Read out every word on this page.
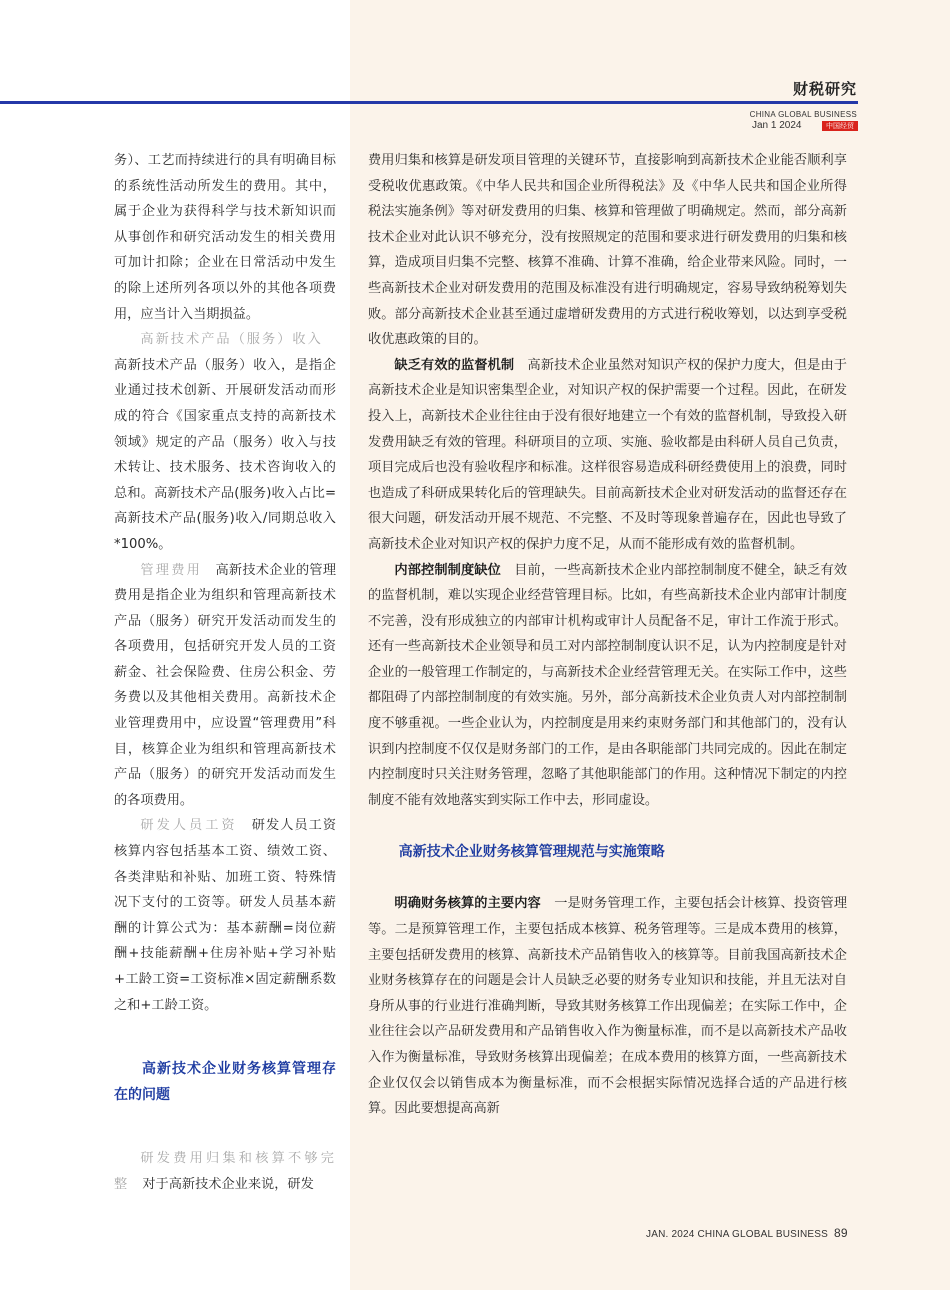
财税研究
CHINA GLOBAL BUSINESS
Jan 1 2024	中国经贸

务）、工艺而持续进行的具有明确目标的系统性活动所发生的费用。其中，属于企业为获得科学与技术新知识而从事创作和研究活动发生的相关费用可加计扣除；企业在日常活动中发生的除上述所列各项以外的其他各项费用，应当计入当期损益。

高新技术产品（服务）收入 高新技术产品（服务）收入，是指企业通过技术创新、开展研发活动而形成的符合《国家重点支持的高新技术领域》规定的产品（服务）收入与技术转让、技术服务、技术咨询收入的总和。高新技术产品(服务)收入占比=高新技术产品(服务)收入/同期总收入*100%。

管理费用  高新技术企业的管理费用是指企业为组织和管理高新技术产品（服务）研究开发活动而发生的各项费用，包括研究开发人员的工资薪金、社会保险费、住房公积金、劳务费以及其他相关费用。高新技术企业管理费用中，应设置“管理费用”科目，核算企业为组织和管理高新技术产品（服务）的研究开发活动而发生的各项费用。

研发人员工资  研发人员工资核算内容包括基本工资、绩效工资、各类津贴和补贴、加班工资、特殊情况下支付的工资等。研发人员基本薪酬的计算公式为：基本薪酬=岗位薪酬+技能薪酬+住房补贴+学习补贴+工龄工资=工资标准×固定薪酬系数之和+工龄工资。

高新技术企业财务核算管理存在的问题

研发费用归集和核算不够完整  对于高新技术企业来说，研发

费用归集和核算是研发项目管理的关键环节，直接影响到高新技术企业能否顺利享受税收优惠政策。《中华人民共和国企业所得税法》及《中华人民共和国企业所得税法实施条例》等对研发费用的归集、核算和管理做了明确规定。然而，部分高新技术企业对此认识不够充分，没有按照规定的范围和要求进行研发费用的归集和核算，造成项目归集不完整、核算不准确、计算不准确，给企业带来风险。同时，一些高新技术企业对研发费用的范围及标准没有进行明确规定，容易导致纳税筹划失败。部分高新技术企业甚至通过虚增研发费用的方式进行税收筹划，以达到享受税收优惠政策的目的。

缺乏有效的监督机制  高新技术企业虽然对知识产权的保护力度大，但是由于高新技术企业是知识密集型企业，对知识产权的保护需要一个过程。因此，在研发投入上，高新技术企业往往由于没有很好地建立一个有效的监督机制，导致投入研发费用缺乏有效的管理。科研项目的立项、实施、验收都是由科研人员自己负责，项目完成后也没有验收程序和标准。这样很容易造成科研经费使用上的浪费，同时也造成了科研成果转化后的管理缺失。目前高新技术企业对研发活动的监督还存在很大问题，研发活动开展不规范、不完整、不及时等现象普遍存在，因此也导致了高新技术企业对知识产权的保护力度不足，从而不能形成有效的监督机制。

内部控制制度缺位  目前，一些高新技术企业内部控制制度不健全，缺乏有效的监督机制，难以实现企业经营管理目标。比如，有些高新技术企业内部审计制度不完善，没有形成独立的内部审计机构或审计人员配备不足，审计工作流于形式。还有一些高新技术企业领导和员工对内部控制制度认识不足，认为内控制度是针对企业的一般管理工作制定的，与高新技术企业经营管理无关。在实际工作中，这些都阻碍了内部控制制度的有效实施。另外，部分高新技术企业负责人对内部控制制度不够重视。一些企业认为，内控制度是用来约束财务部门和其他部门的，没有认识到内控制度不仅仅是财务部门的工作，是由各职能部门共同完成的。因此在制定内控制度时只关注财务管理，忽略了其他职能部门的作用。这种情况下制定的内控制度不能有效地落实到实际工作中去，形同虚设。

高新技术企业财务核算管理规范与实施策略

明确财务核算的主要内容  一是财务管理工作，主要包括会计核算、投资管理等。二是预算管理工作，主要包括成本核算、税务管理等。三是成本费用的核算，主要包括研发费用的核算、高新技术产品销售收入的核算等。目前我国高新技术企业财务核算存在的问题是会计人员缺乏必要的财务专业知识和技能，并且无法对自身所从事的行业进行准确判断，导致其财务核算工作出现偏差；在实际工作中，企业往往会以产品研发费用和产品销售收入作为衡量标准，而不是以高新技术产品收入作为衡量标准，导致财务核算出现偏差；在成本费用的核算方面，一些高新技术企业仅仅会以销售成本为衡量标准，而不会根据实际情况选择合适的产品进行核算。因此要想提高高新

JAN. 2024 CHINA GLOBAL BUSINESS 89
